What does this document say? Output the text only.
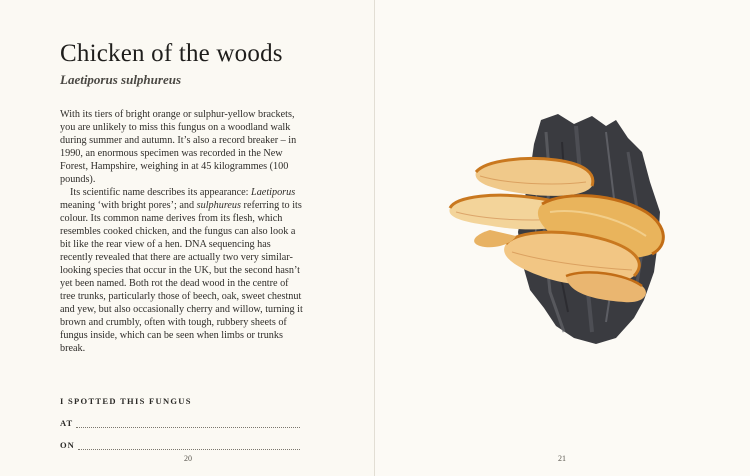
Chicken of the woods
Laetiporus sulphureus

With its tiers of bright orange or sulphur-yellow brackets, you are unlikely to miss this fungus on a woodland walk during summer and autumn. It’s also a record breaker – in 1990, an enormous specimen was recorded in the New Forest, Hampshire, weighing in at 45 kilogrammes (100 pounds).

Its scientific name describes its appearance: Laetiporus meaning ‘with bright pores’; and sulphureus referring to its colour. Its common name derives from its flesh, which resembles cooked chicken, and the fungus can also look a bit like the rear view of a hen. DNA sequencing has recently revealed that there are actually two very similar-looking species that occur in the UK, but the second hasn’t yet been named. Both rot the dead wood in the centre of tree trunks, particularly those of beech, oak, sweet chestnut and yew, but also occasionally cherry and willow, turning it brown and crumbly, often with tough, rubbery sheets of fungus inside, which can be seen when limbs or trunks break.

I SPOTTED THIS FUNGUS
AT
ON
20	21
